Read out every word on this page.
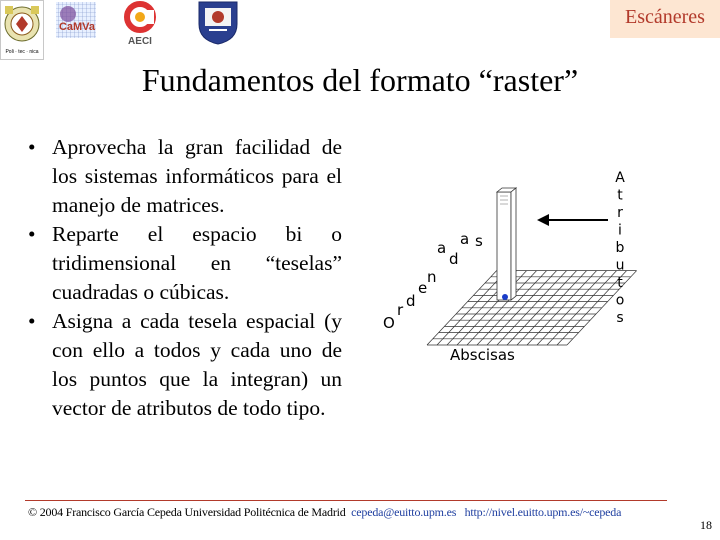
Poli · tec · nica
CaMVa
AECI
Escáneres
Fundamentos del formato “raster”
• Aprovecha la gran facilidad de los sistemas informáticos para el manejo de matrices.
• Reparte el espacio bi o tridimensional en “teselas” cuadradas o cúbicas.
• Asigna a cada tesela espacial (y con ello a todos y cada uno de los puntos que la integran) un vector de atributos de todo tipo.
O
r d
e
n
a
d
a s
A
t
r
i
b
u
t
o
s
Abscisas
© 2004 Francisco García Cepeda Universidad Politécnica de Madrid cepeda@euitto.upm.es http://nivel.euitto.upm.es/~cepeda
18
